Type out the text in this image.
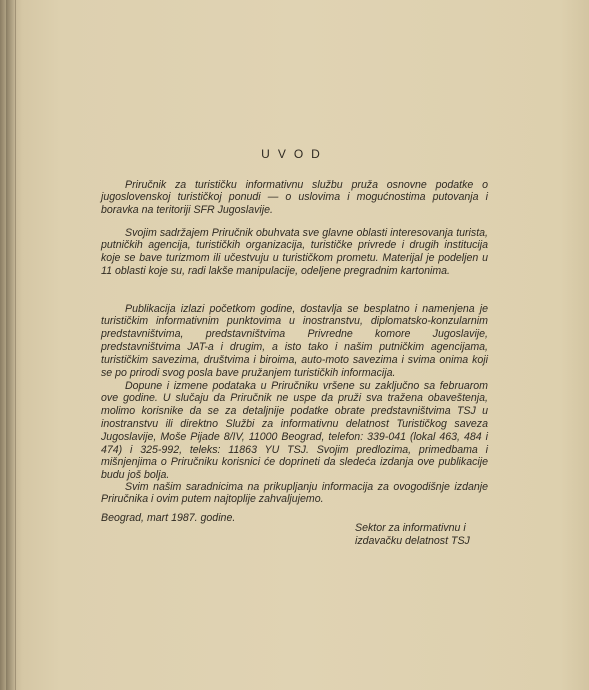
UVOD

Priručnik za turističku informativnu službu pruža osnovne podatke o jugoslovenskoj turističkoj ponudi — o uslovima i mogućnostima putovanja i boravka na teritoriji SFR Jugoslavije.

Svojim sadržajem Priručnik obuhvata sve glavne oblasti interesovanja turista, putničkih agencija, turističkih organizacija, turističke privrede i drugih institucija koje se bave turizmom ili učestvuju u turističkom prometu. Materijal je podeljen u 11 oblasti koje su, radi lakše manipulacije, odeljene pregradnim kartonima.

Publikacija izlazi početkom godine, dostavlja se besplatno i namenjena je turističkim informativnim punktovima u inostranstvu, diplomatsko-konzularnim predstavništvima, predstavništvima Privredne komore Jugoslavije, predstavništvima JAT-a i drugim, a isto tako i našim putničkim agencijama, turističkim savezima, društvima i biroima, auto-moto savezima i svima onima koji se po prirodi svog posla bave pružanjem turističkih informacija.

Dopune i izmene podataka u Priručniku vršene su zaključno sa februarom ove godine. U slučaju da Priručnik ne uspe da pruži sva tražena obaveštenja, molimo korisnike da se za detaljnije podatke obrate predstavništvima TSJ u inostranstvu ili direktno Službi za informativnu delatnost Turističkog saveza Jugoslavije, Moše Pijade 8/IV, 11000 Beograd, telefon: 339-041 (lokal 463, 484 i 474) i 325-992, teleks: 11863 YU TSJ. Svojim predlozima, primedbama i mišnjenjima o Priručniku korisnici će doprineti da sledeća izdanja ove publikacije budu još bolja.

Svim našim saradnicima na prikupljanju informacija za ovogodišnje izdanje Priručnika i ovim putem najtoplije zahvaljujemo.

Beograd, mart 1987. godine.
Sektor za informativnu i
izdavačku delatnost TSJ
